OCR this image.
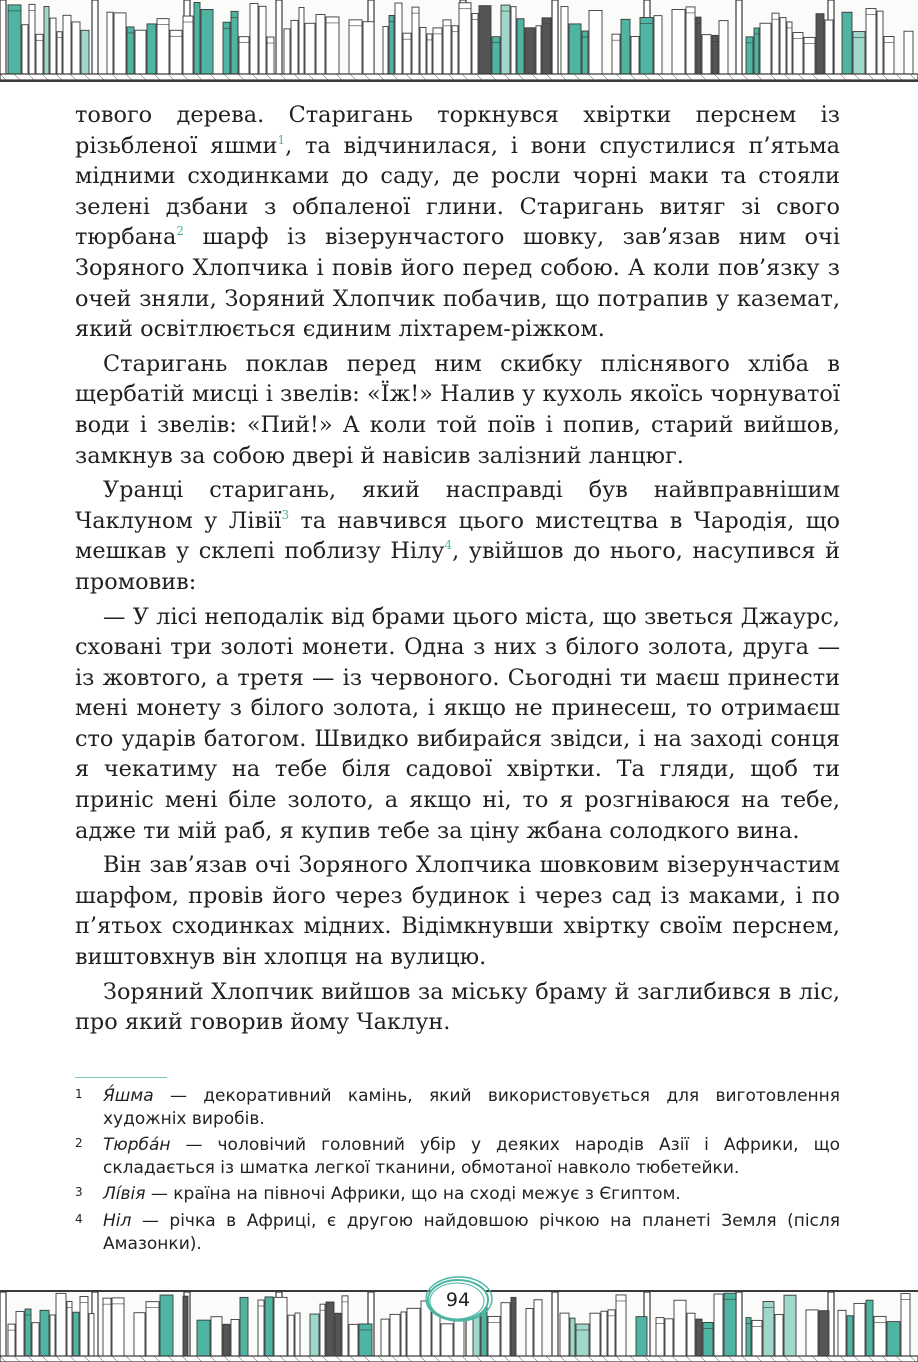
тового дерева. Старигань торкнувся хвіртки перснем із різьбленої яшми$^1$, та відчинилася, і вони спустилися п’ятьма мідними сходинками до саду, де росли чорні маки та стояли зелені дзбани з обпаленої глини. Старигань витяг зі свого тюрбана$^2$ шарф із візерунчастого шовку, зав’язав ним очі Зоряного Хлопчика і повів його перед собою. А коли пов’язку з очей зняли, Зоряний Хлопчик побачив, що потрапив у каземат, який освітлюється єдиним ліхтарем-ріжком.

Старигань поклав перед ним скибку пліснявого хліба в щербатій мисці і звелів: «Їж!» Налив у кухоль якоїсь чорнуватої води і звелів: «Пий!» А коли той поїв і попив, старий вийшов, замкнув за собою двері й навісив залізний ланцюг.

Уранці старигань, який насправді був найвправнішим Чаклуном у Лівії$^3$ та навчився цього мистецтва в Чародія, що мешкав у склепі поблизу Нілу$^4$, увійшов до нього, насупився й промовив:

— У лісі неподалік від брами цього міста, що зветься Джаурс, сховані три золоті монети. Одна з них з білого золота, друга — із жовтого, а третя — із червоного. Сьогодні ти маєш принести мені монету з білого золота, і якщо не принесеш, то отримаєш сто ударів батогом. Швидко вибирайся звідси, і на заході сонця я чекатиму на тебе біля садової хвіртки. Та гляди, щоб ти приніс мені біле золото, а якщо ні, то я розгніваюся на тебе, адже ти мій раб, я купив тебе за ціну жбана солодкого вина.

Він зав’язав очі Зоряного Хлопчика шовковим візерунчастим шарфом, провів його через будинок і через сад із маками, і по п’ятьох сходинках мідних. Відімкнувши хвіртку своїм перснем, виштовхнув він хлопця на вулицю.

Зоряний Хлопчик вийшов за міську браму й заглибився в ліс, про який говорив йому Чаклун.

1	Я́шма — декоративний камінь, який використовується для виготовлення художніх виробів.
2	Тюрба́н — чоловічий головний убір у деяких народів Азії і Африки, що складається із шматка легкої тканини, обмотаної навколо тюбетейки.
3	Лі́вія — країна на півночі Африки, що на сході межує з Єгиптом.
4	Ніл — річка в Африці, є другою найдовшою річкою на планеті Земля (після Амазонки).
94
